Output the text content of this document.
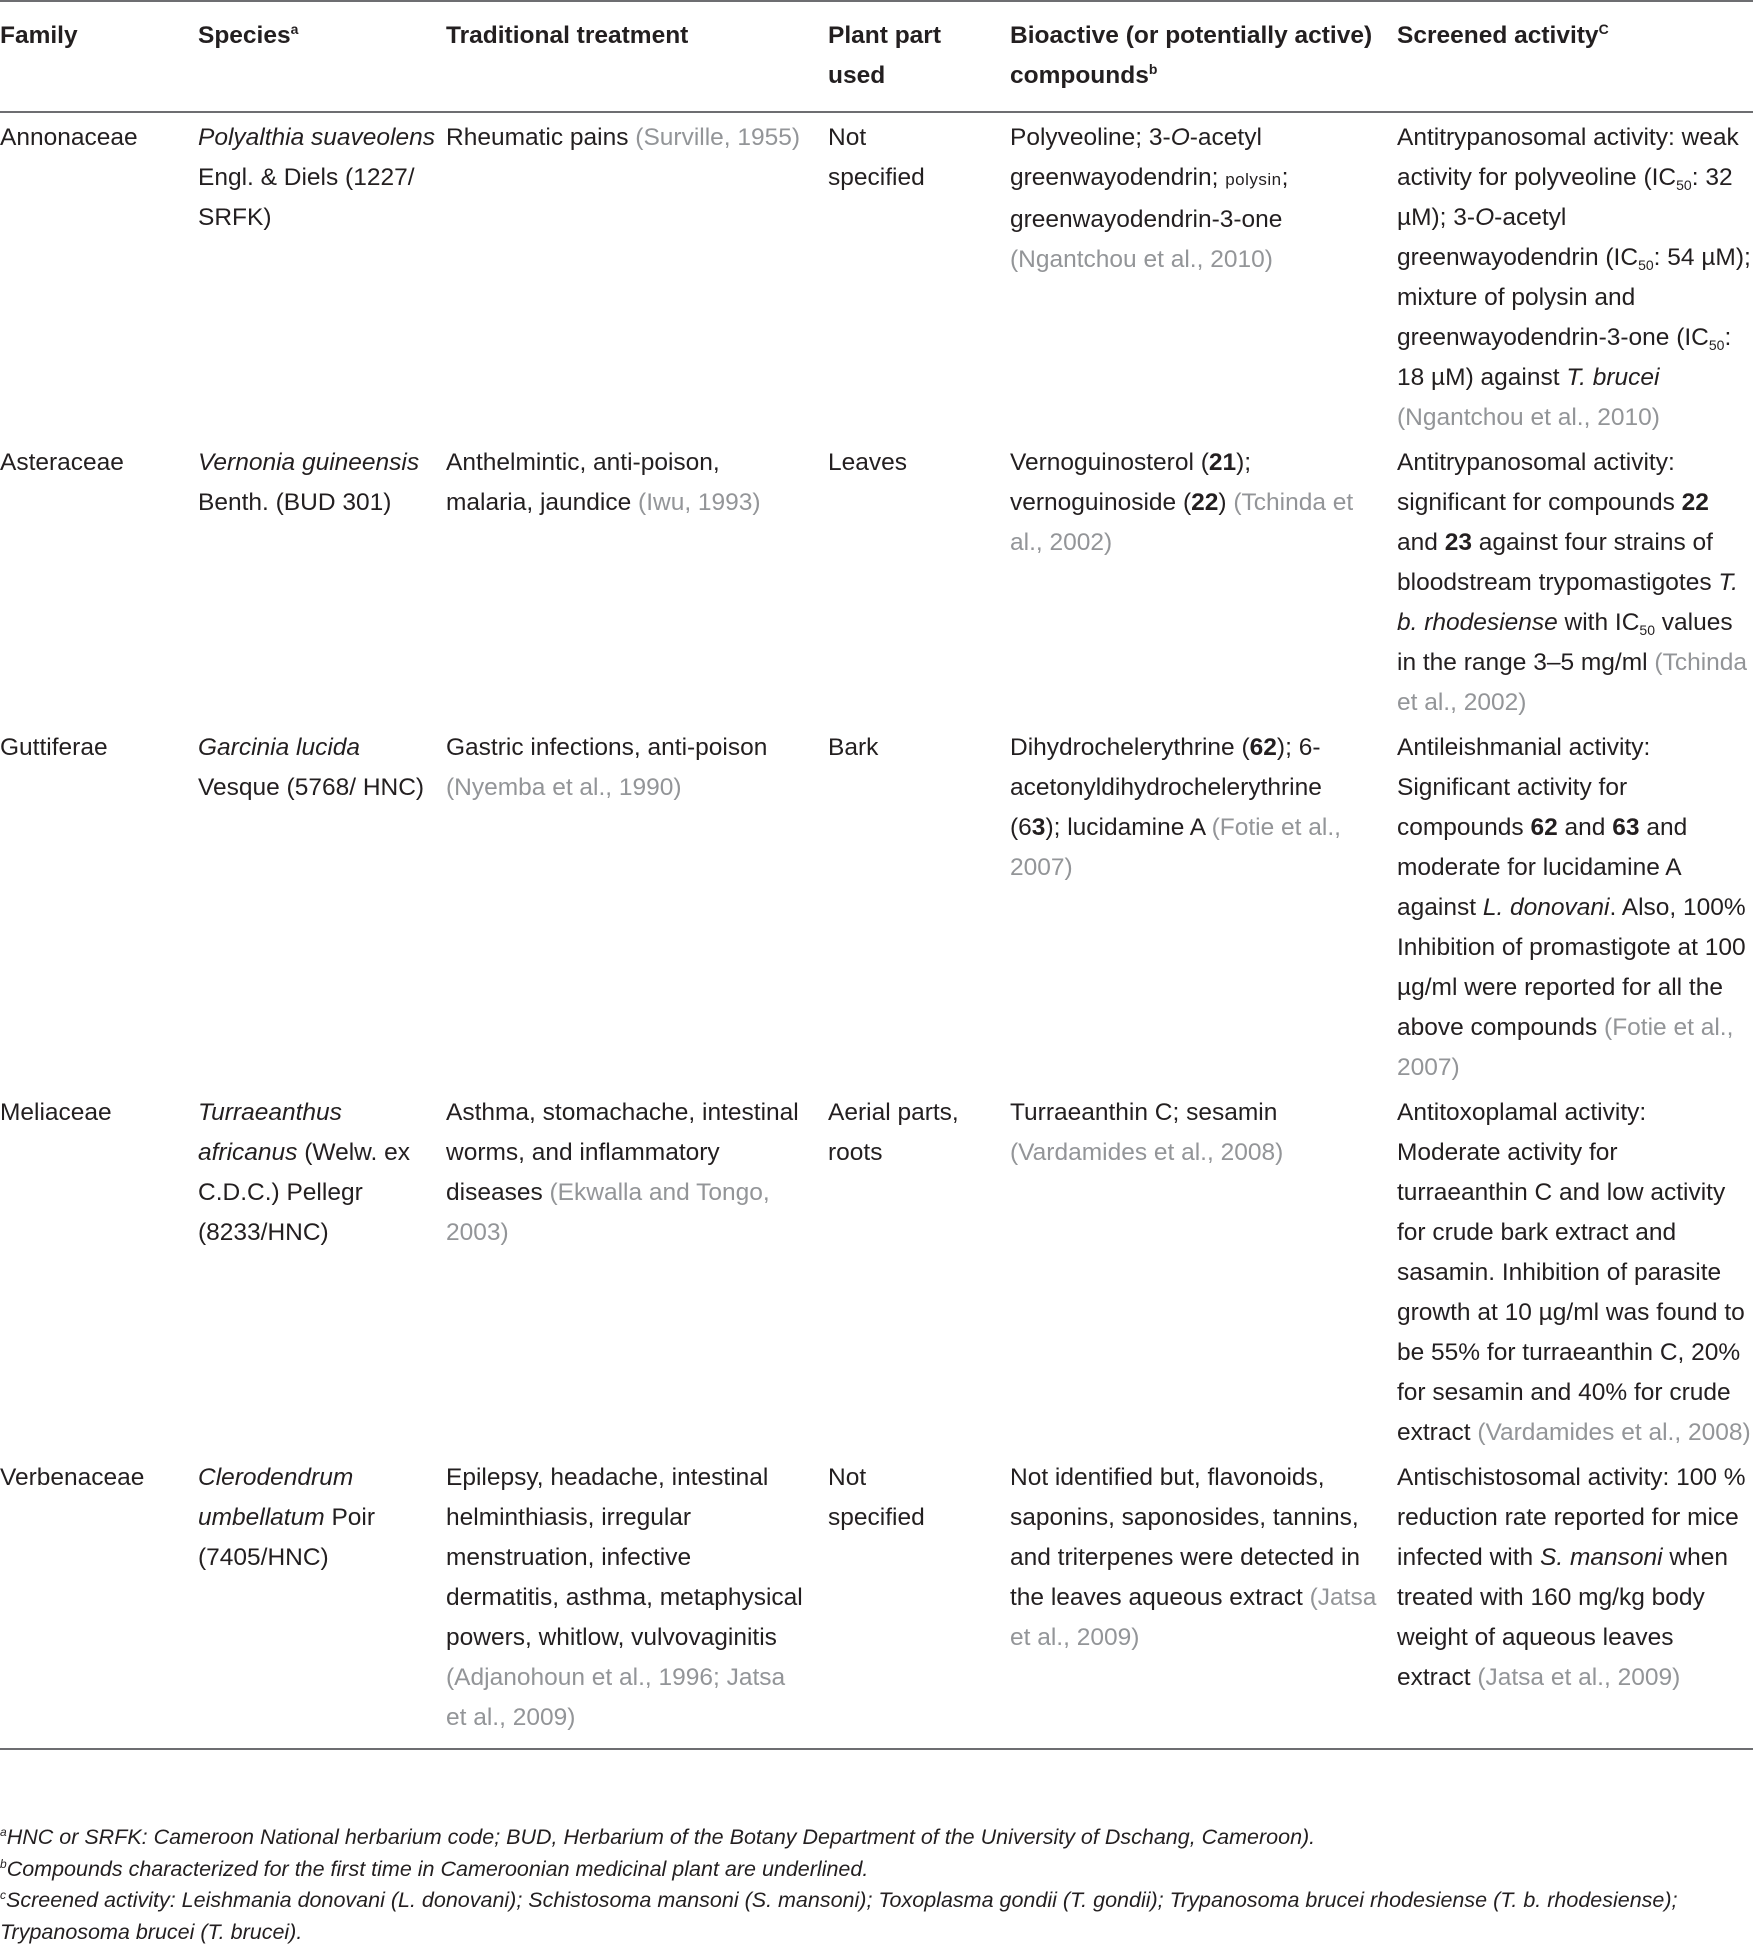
Family	Species$^a$	Traditional treatment	Plant part used	Bioactive (or potentially active) compounds$^b$	Screened activity$^C$
Annonaceae	Polyalthia suaveolens Engl. & Diels (1227/ SRFK)	Rheumatic pains (Surville, 1955)	Not specified	Polyveoline; 3-O-acetyl greenwayodendrin; polysin; greenwayodendrin-3-one (Ngantchou et al., 2010)	Antitrypanosomal activity: weak activity for polyveoline ($IC_{50}$: 32 µM); 3-O-acetyl greenwayodendrin ($IC_{50}$: 54 µM); mixture of polysin and greenwayodendrin-3-one ($IC_{50}$: 18 µM) against T. brucei (Ngantchou et al., 2010)
Asteraceae	Vernonia guineensis Benth. (BUD 301)	Anthelmintic, anti-poison, malaria, jaundice (Iwu, 1993)	Leaves	Vernoguinosterol (21); vernoguinoside (22) (Tchinda et al., 2002)	Antitrypanosomal activity: significant for compounds 22 and 23 against four strains of bloodstream trypomastigotes T. b. rhodesiense with $IC_{50}$ values in the range 3–5 mg/ml (Tchinda et al., 2002)
Guttiferae	Garcinia lucida Vesque (5768/ HNC)	Gastric infections, anti-poison (Nyemba et al., 1990)	Bark	Dihydrochelerythrine (62); 6-acetonyldihydrochelerythrine (63); lucidamine A (Fotie et al., 2007)	Antileishmanial activity: Significant activity for compounds 62 and 63 and moderate for lucidamine A against L. donovani. Also, 100% Inhibition of promastigote at 100 µg/ml were reported for all the above compounds (Fotie et al., 2007)
Meliaceae	Turraeanthus africanus (Welw. ex C.D.C.) Pellegr (8233/HNC)	Asthma, stomachache, intestinal worms, and inflammatory diseases (Ekwalla and Tongo, 2003)	Aerial parts, roots	Turraeanthin C; sesamin (Vardamides et al., 2008)	Antitoxoplamal activity: Moderate activity for turraeanthin C and low activity for crude bark extract and sasamin. Inhibition of parasite growth at 10 µg/ml was found to be 55% for turraeanthin C, 20% for sesamin and 40% for crude extract (Vardamides et al., 2008)
Verbenaceae	Clerodendrum umbellatum Poir (7405/HNC)	Epilepsy, headache, intestinal helminthiasis, irregular menstruation, infective dermatitis, asthma, metaphysical powers, whitlow, vulvovaginitis (Adjanohoun et al., 1996; Jatsa et al., 2009)	Not specified	Not identified but, flavonoids, saponins, saponosides, tannins, and triterpenes were detected in the leaves aqueous extract (Jatsa et al., 2009)	Antischistosomal activity: 100 % reduction rate reported for mice infected with S. mansoni when treated with 160 mg/kg body weight of aqueous leaves extract (Jatsa et al., 2009)

$^a$HNC or SRFK: Cameroon National herbarium code; BUD, Herbarium of the Botany Department of the University of Dschang, Cameroon).

$^b$Compounds characterized for the first time in Cameroonian medicinal plant are underlined.

$^c$Screened activity: Leishmania donovani (L. donovani); Schistosoma mansoni (S. mansoni); Toxoplasma gondii (T. gondii); Trypanosoma brucei rhodesiense (T. b. rhodesiense); Trypanosoma brucei (T. brucei).
